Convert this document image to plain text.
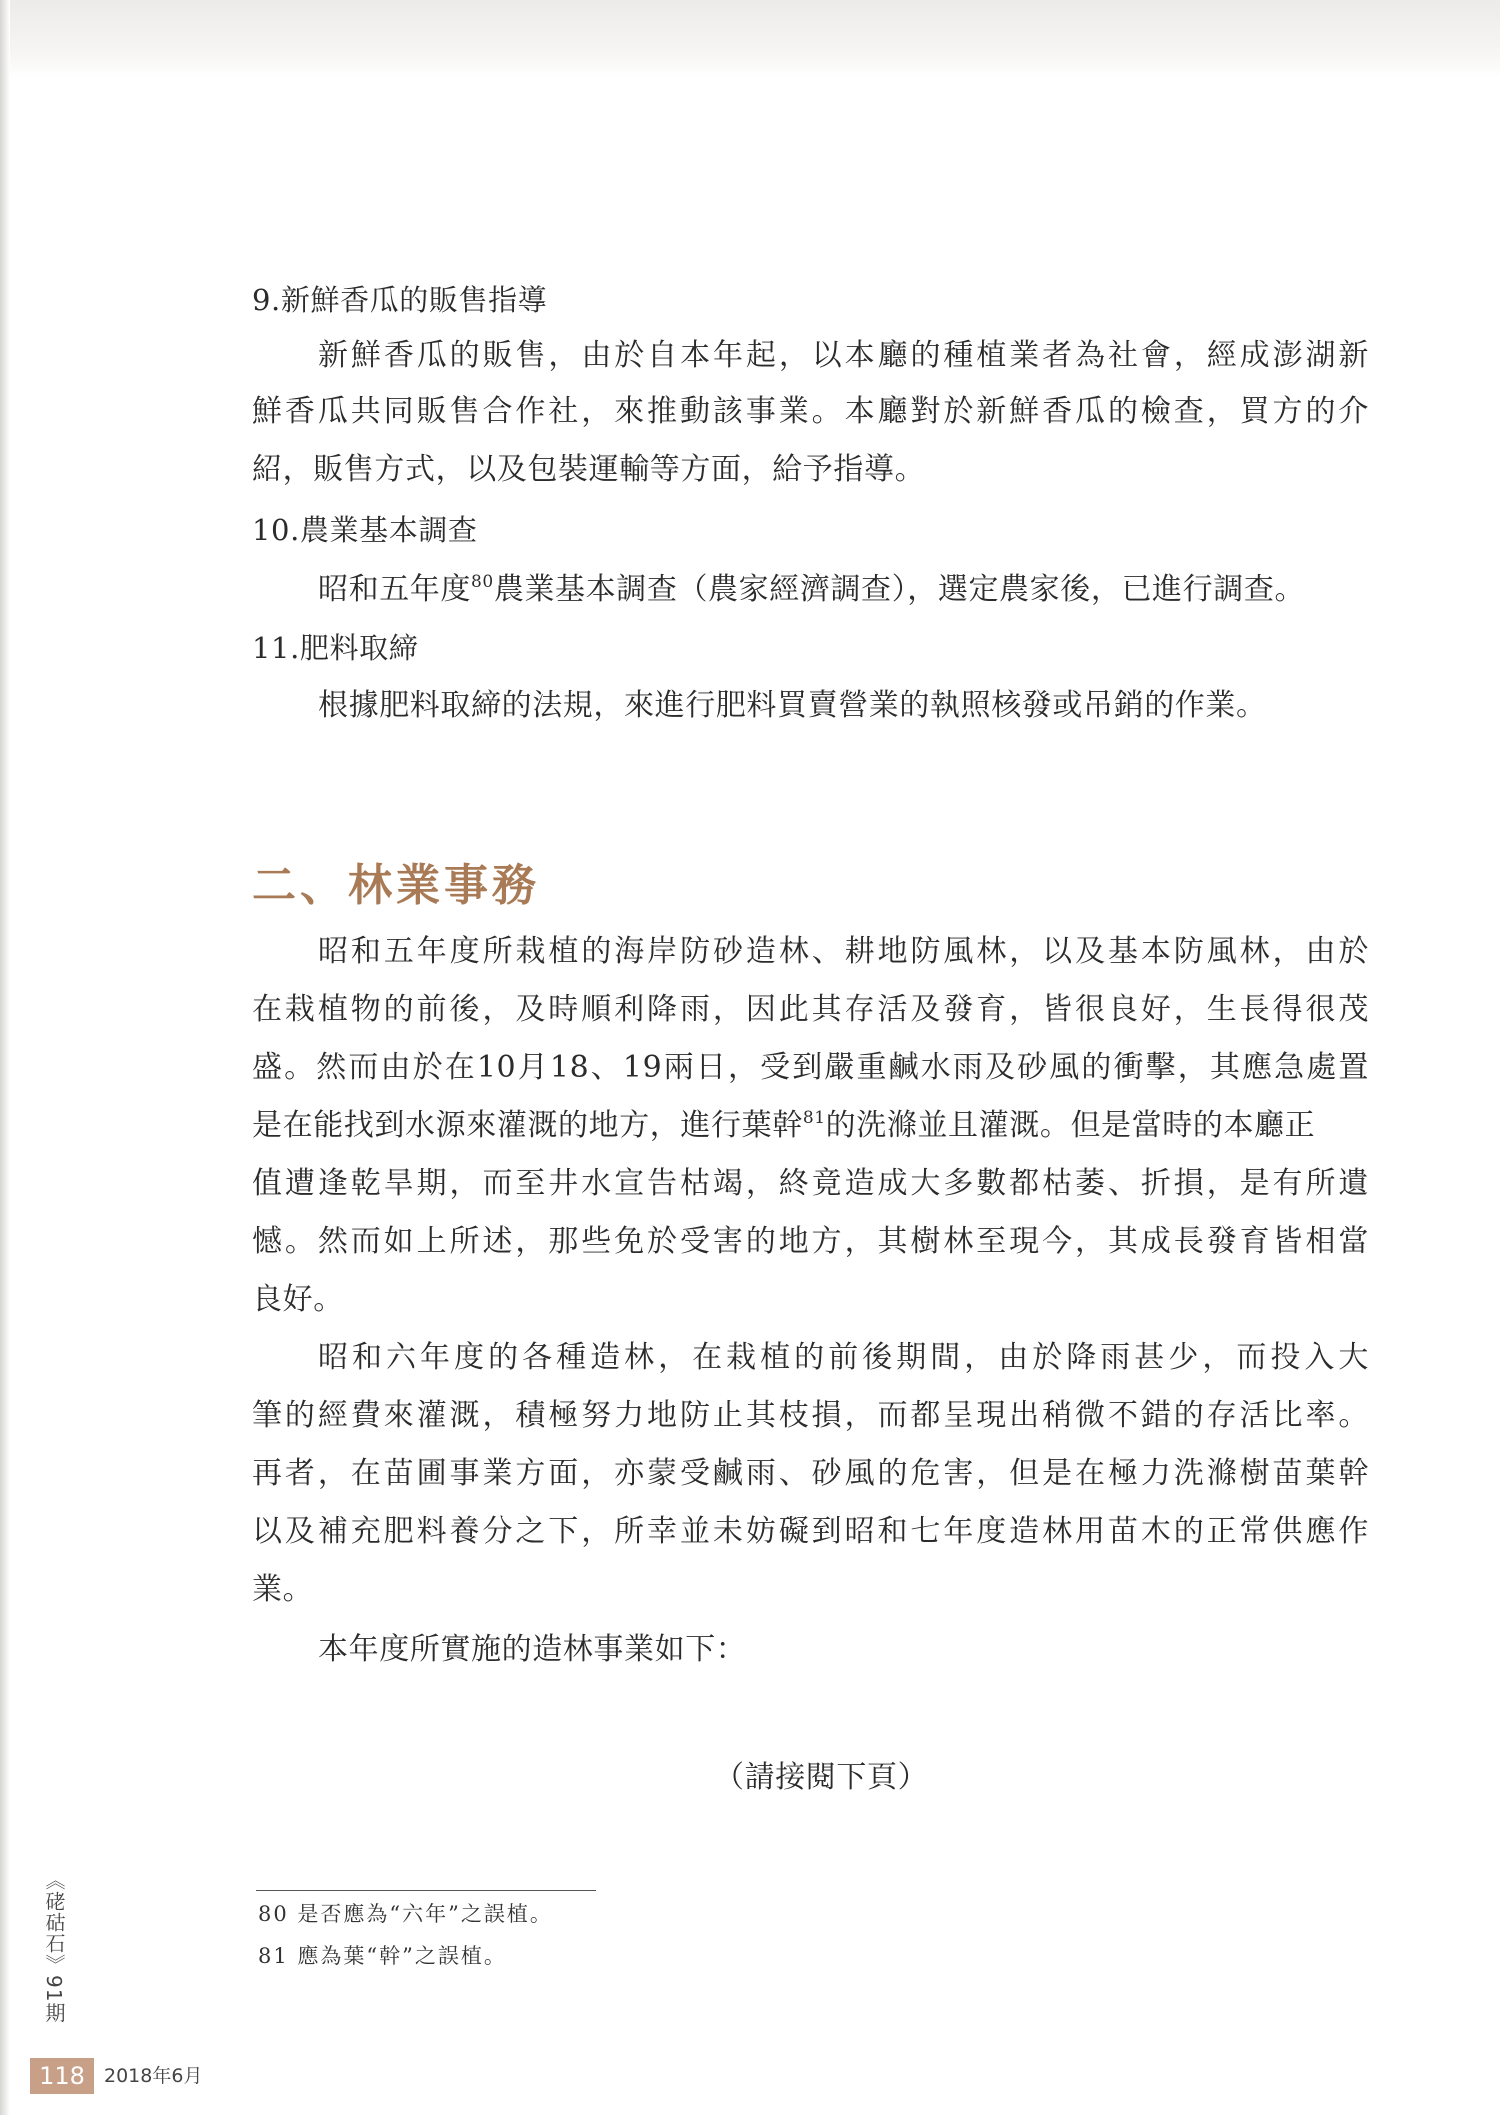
9.新鮮香瓜的販售指導

新鮮香瓜的販售，由於自本年起，以本廳的種植業者為社會，經成澎湖新

鮮香瓜共同販售合作社，來推動該事業。本廳對於新鮮香瓜的檢查，買方的介

紹，販售方式，以及包裝運輸等方面，給予指導。

10.農業基本調查

昭和五年度$^{80}$農業基本調查（農家經濟調查），選定農家後，已進行調查。

11.肥料取締

根據肥料取締的法規，來進行肥料買賣營業的執照核發或吊銷的作業。

二、林業事務

昭和五年度所栽植的海岸防砂造林、耕地防風林，以及基本防風林，由於

在栽植物的前後，及時順利降雨，因此其存活及發育，皆很良好，生長得很茂

盛。然而由於在10月18、19兩日，受到嚴重鹹水雨及砂風的衝擊，其應急處置

是在能找到水源來灌溉的地方，進行葉幹$^{81}$的洗滌並且灌溉。但是當時的本廳正

值遭逢乾旱期，而至井水宣告枯竭，終竟造成大多數都枯萎、折損，是有所遺

憾。然而如上所述，那些免於受害的地方，其樹林至現今，其成長發育皆相當

良好。

昭和六年度的各種造林，在栽植的前後期間，由於降雨甚少，而投入大

筆的經費來灌溉，積極努力地防止其枝損，而都呈現出稍微不錯的存活比率。

再者，在苗圃事業方面，亦蒙受鹹雨、砂風的危害，但是在極力洗滌樹苗葉幹

以及補充肥料養分之下，所幸並未妨礙到昭和七年度造林用苗木的正常供應作

業。

本年度所實施的造林事業如下：

（請接閱下頁）

80 是否應為“六年”之誤植。

81 應為葉“幹”之誤植。

《硓𥑮石》91期
118	2018年6月
